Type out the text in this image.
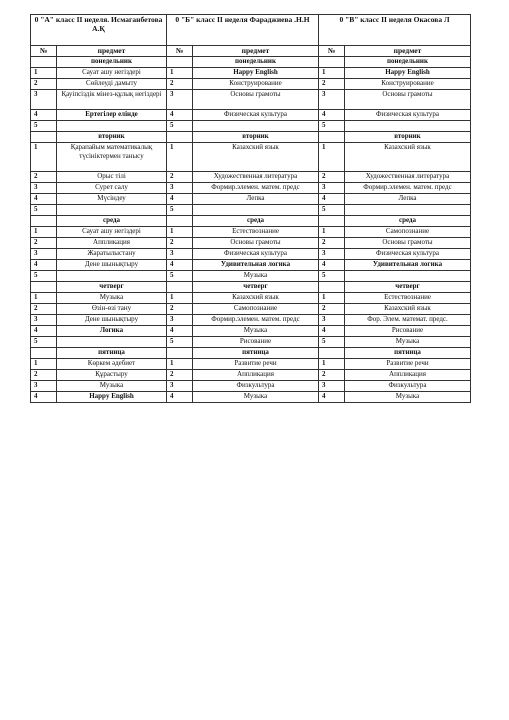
0 "А" класс II неделя. Исмаганбетова А.Қ		0 "Б" класс II неделя Фараджиева .Н.Н		0 "В" класс II неделя Окасова Л	
№	предмет	№	предмет	№	предмет
	понедельник		понедельник		понедельник
1	Сауат ашу негіздері	1	Happy English	1	Happy English
2	Сөйлеуді дамыту	2	Конструирование	2	Конструирование
3	Қауіпсіздік мінез-құлық негіздері	3	Основы грамоты	3	Основы грамоты
4	Ертегілер елінде	4	Физическая культура	4	Физическая культура
5		5		5	
	вторник		вторник		вторник
1	Қарапайым математикалық түсініктермен танысу	1	Казахский язык	1	Казахский язык
2	Орыс тілі	2	Художественная литература	2	Художественная литература
3	Сурет салу	3	Формир.элемен. матем. предс	3	Формир.элемен. матем. предс
4	Мүсіндеу	4	Лепка	4	Лепка
5		5		5	
	среда		среда		среда
1	Сауат ашу негіздері	1	Естествознание	1	Самопознание
2	Аппликация	2	Основы грамоты	2	Основы грамоты
3	Жаратылыстану	3	Физическая культура	3	Физическая культура
4	Дене шынықтыру	4	Удивительная логика	4	Удивительная логика
5		5	Музыка	5	
	четверг		четверг		четверг
1	Музыка	1	Казахский язык	1	Естествознание
2	Өзін-өзі тану	2	Самопознание	2	Казахский язык
3	Дене шынықтыру	3	Формир.элемен. матем. предс	3	Фор. Элем. математ. предс.
4	Логика	4	Музыка	4	Рисование
5		5	Рисование	5	Музыка
	пятница		пятница		пятница
1	Көркем әдебиет	1	Развитие речи	1	Развитие речи
2	Құрастыру	2	Аппликация	2	Аппликация
3	Музыка	3	Физкультура	3	Физкультура
4	Happy English	4	Музыка	4	Музыка
